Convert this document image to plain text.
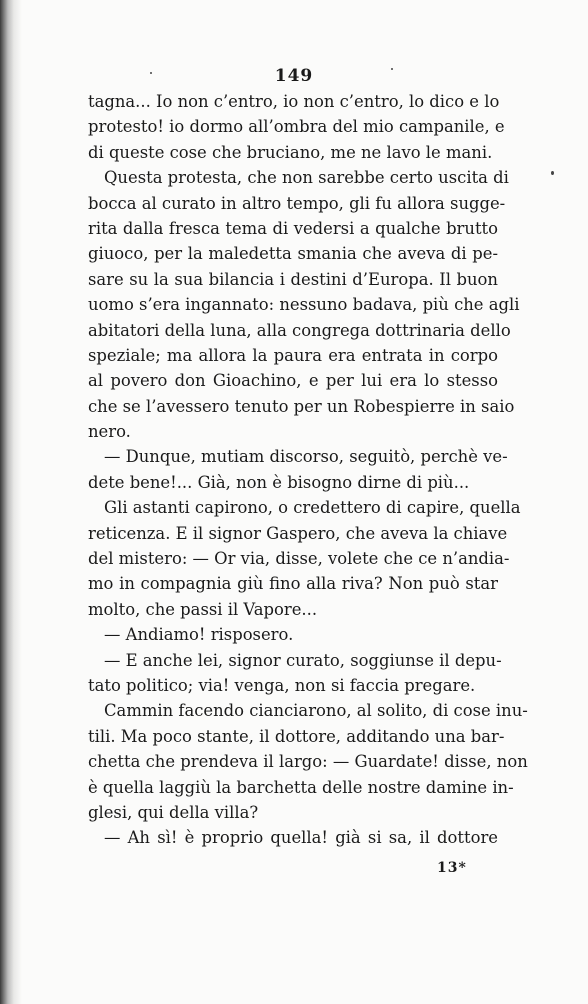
149
tagna... Io non c’entro, io non c’entro, lo dico e lo
protesto! io dormo all’ombra del mio campanile, e
di queste cose che bruciano, me ne lavo le mani.
Questa protesta, che non sarebbe certo uscita di
bocca al curato in altro tempo, gli fu allora sugge-
rita dalla fresca tema di vedersi a qualche brutto
giuoco, per la maledetta smania che aveva di pe-
sare su la sua bilancia i destini d’Europa. Il buon
uomo s’era ingannato: nessuno badava, più che agli
abitatori della luna, alla congrega dottrinaria dello
speziale; ma allora la paura era entrata in corpo
al povero don Gioachino, e per lui era lo stesso
che se l’avessero tenuto per un Robespierre in saio
nero.
— Dunque, mutiam discorso, seguitò, perchè ve-
dete bene!... Già, non è bisogno dirne di più...
Gli astanti capirono, o credettero di capire, quella
reticenza. E il signor Gaspero, che aveva la chiave
del mistero: — Or via, disse, volete che ce n’andia-
mo in compagnia giù fino alla riva? Non può star
molto, che passi il Vapore...
— Andiamo! risposero.
— E anche lei, signor curato, soggiunse il depu-
tato politico; via! venga, non si faccia pregare.
Cammin facendo cianciarono, al solito, di cose inu-
tili. Ma poco stante, il dottore, additando una bar-
chetta che prendeva il largo: — Guardate! disse, non
è quella laggiù la barchetta delle nostre damine in-
glesi, qui della villa?
— Ah sì! è proprio quella! già si sa, il dottore
13*
